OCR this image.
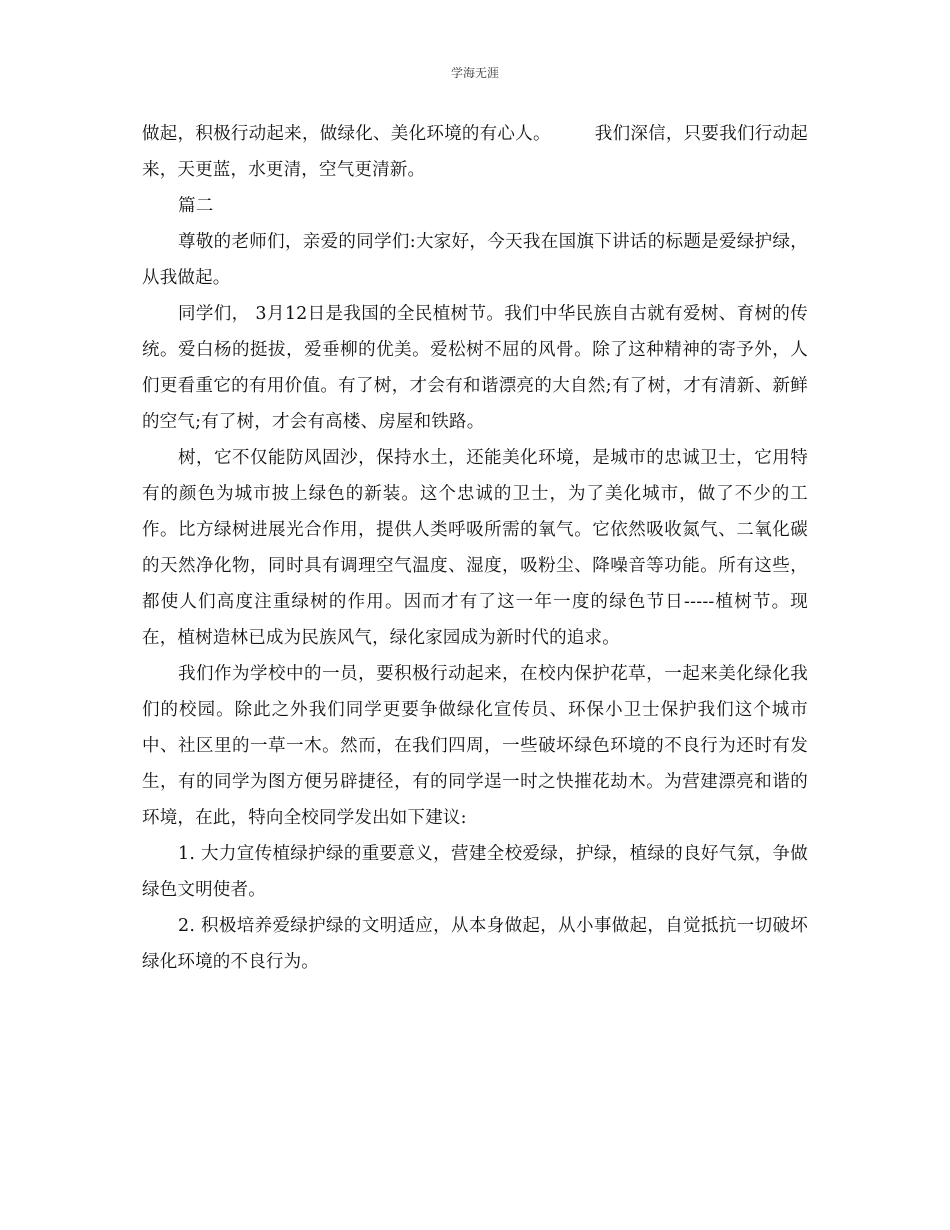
学海无涯

做起，积极行动起来，做绿化、美化环境的有心人。	我们深信，只要我们行动起来，天更蓝，水更清，空气更清新。

篇二

尊敬的老师们，亲爱的同学们:大家好，今天我在国旗下讲话的标题是爱绿护绿，从我做起。

同学们， 3月12日是我国的全民植树节。我们中华民族自古就有爱树、育树的传统。爱白杨的挺拔，爱垂柳的优美。爱松树不屈的风骨。除了这种精神的寄予外，人们更看重它的有用价值。有了树，才会有和谐漂亮的大自然;有了树，才有清新、新鲜的空气;有了树，才会有高楼、房屋和铁路。

树，它不仅能防风固沙，保持水土，还能美化环境，是城市的忠诚卫士，它用特有的颜色为城市披上绿色的新装。这个忠诚的卫士，为了美化城市，做了不少的工作。比方绿树进展光合作用，提供人类呼吸所需的氧气。它依然吸收氮气、二氧化碳的天然净化物，同时具有调理空气温度、湿度，吸粉尘、降噪音等功能。所有这些，都使人们高度注重绿树的作用。因而才有了这一年一度的绿色节日-----植树节。现在，植树造林已成为民族风气，绿化家园成为新时代的追求。

我们作为学校中的一员，要积极行动起来，在校内保护花草，一起来美化绿化我们的校园。除此之外我们同学更要争做绿化宣传员、环保小卫士保护我们这个城市中、社区里的一草一木。然而，在我们四周，一些破坏绿色环境的不良行为还时有发生，有的同学为图方便另辟捷径，有的同学逞一时之快摧花劫木。为营建漂亮和谐的环境，在此，特向全校同学发出如下建议:

1. 大力宣传植绿护绿的重要意义，营建全校爱绿，护绿，植绿的良好气氛，争做绿色文明使者。

2. 积极培养爱绿护绿的文明适应，从本身做起，从小事做起，自觉抵抗一切破坏绿化环境的不良行为。
